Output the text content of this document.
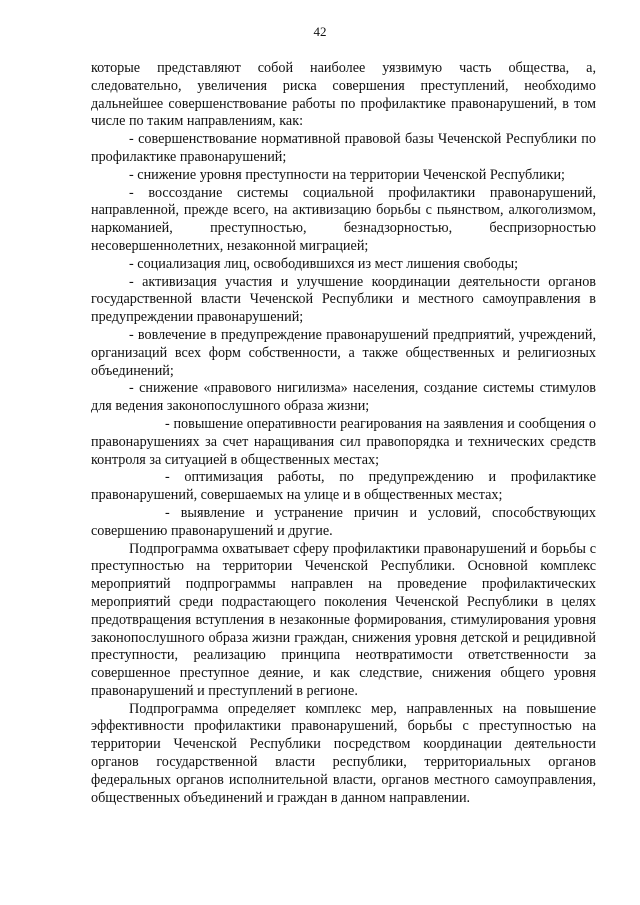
42

которые представляют собой наиболее уязвимую часть общества, а, следовательно, увеличения риска совершения преступлений, необходимо дальнейшее совершенствование работы по профилактике правонарушений, в том числе по таким направлениям, как:

- совершенствование нормативной правовой базы Чеченской Республики по профилактике правонарушений;

- снижение уровня преступности на территории Чеченской Республики;

- воссоздание системы социальной профилактики правонарушений, направленной, прежде всего, на активизацию борьбы с пьянством, алкоголизмом, наркоманией, преступностью, безнадзорностью, беспризорностью несовершеннолетних, незаконной миграцией;

- социализация лиц, освободившихся из мест лишения свободы;

- активизация участия и улучшение координации деятельности органов государственной власти Чеченской Республики и местного самоуправления в предупреждении правонарушений;

- вовлечение в предупреждение правонарушений предприятий, учреждений, организаций всех форм собственности, а также общественных и религиозных объединений;

- снижение «правового нигилизма» населения, создание системы стимулов для ведения законопослушного образа жизни;

- повышение оперативности реагирования на заявления и сообщения о правонарушениях за счет наращивания сил правопорядка и технических средств контроля за ситуацией в общественных местах;

- оптимизация работы, по предупреждению и профилактике правонарушений, совершаемых на улице и в общественных местах;

- выявление и устранение причин и условий, способствующих совершению правонарушений и другие.

Подпрограмма охватывает сферу профилактики правонарушений и борьбы с преступностью на территории Чеченской Республики. Основной комплекс мероприятий подпрограммы направлен на проведение профилактических мероприятий среди подрастающего поколения Чеченской Республики в целях предотвращения вступления в незаконные формирования, стимулирования уровня законопослушного образа жизни граждан, снижения уровня детской и рецидивной преступности, реализацию принципа неотвратимости ответственности за совершенное преступное деяние, и как следствие, снижения общего уровня правонарушений и преступлений в регионе.

Подпрограмма определяет комплекс мер, направленных на повышение эффективности профилактики правонарушений, борьбы с преступностью на территории Чеченской Республики посредством координации деятельности органов государственной власти республики, территориальных органов федеральных органов исполнительной власти, органов местного самоуправления, общественных объединений и граждан в данном направлении.
